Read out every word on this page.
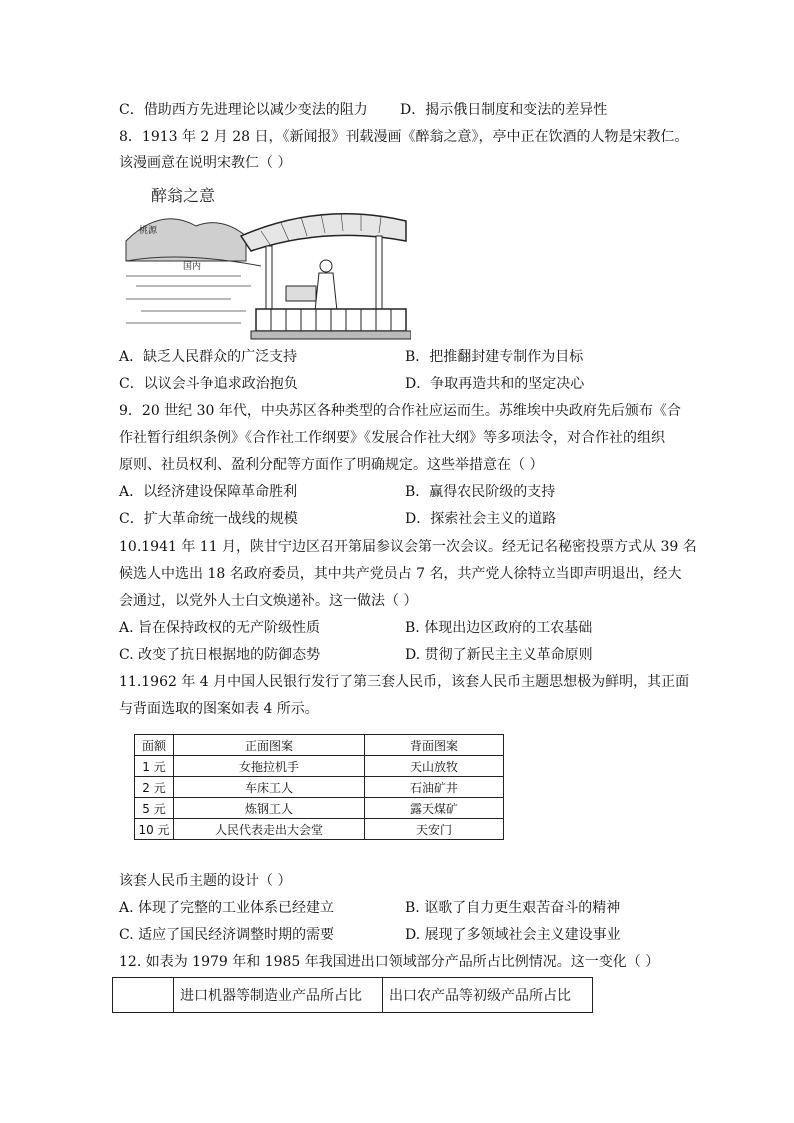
C．借助西方先进理论以减少变法的阻力 D．揭示俄日制度和变法的差异性
8．1913 年 2 月 28 日，《新闻报》刊载漫画《醉翁之意》，亭中正在饮酒的人物是宋教仁。
该漫画意在说明宋教仁（ ）
醉翁之意
桃源
国内
A．缺乏人民群众的广泛支持	B．把推翻封建专制作为目标
C．以议会斗争追求政治抱负	D．争取再造共和的坚定决心
9．20 世纪 30 年代，中央苏区各种类型的合作社应运而生。苏维埃中央政府先后颁布《合
作社暂行组织条例》《合作社工作纲要》《发展合作社大纲》等多项法令，对合作社的组织
原则、社员权利、盈利分配等方面作了明确规定。这些举措意在（ ）
A．以经济建设保障革命胜利	B．赢得农民阶级的支持
C．扩大革命统一战线的规模	D．探索社会主义的道路
10.1941 年 11 月，陕甘宁边区召开第届参议会第一次会议。经无记名秘密投票方式从 39 名
候选人中选出 18 名政府委员，其中共产党员占 7 名，共产党人徐特立当即声明退出，经大
会通过，以党外人士白文焕递补。这一做法（ ）
A. 旨在保持政权的无产阶级性质	B. 体现出边区政府的工农基础
C. 改变了抗日根据地的防御态势	D. 贯彻了新民主主义革命原则
11.1962 年 4 月中国人民银行发行了第三套人民币，该套人民币主题思想极为鲜明，其正面
与背面选取的图案如表 4 所示。
面额	正面图案	背面图案
1 元	女拖拉机手	天山放牧
2 元	车床工人	石油矿井
5 元	炼钢工人	露天煤矿
10 元	人民代表走出大会堂	天安门
该套人民币主题的设计（ ）
A. 体现了完整的工业体系已经建立	B. 讴歌了自力更生艰苦奋斗的精神
C. 适应了国民经济调整时期的需要	D. 展现了多领域社会主义建设事业
12. 如表为 1979 年和 1985 年我国进出口领域部分产品所占比例情况。这一变化（ ）
	进口机器等制造业产品所占比	出口农产品等初级产品所占比
